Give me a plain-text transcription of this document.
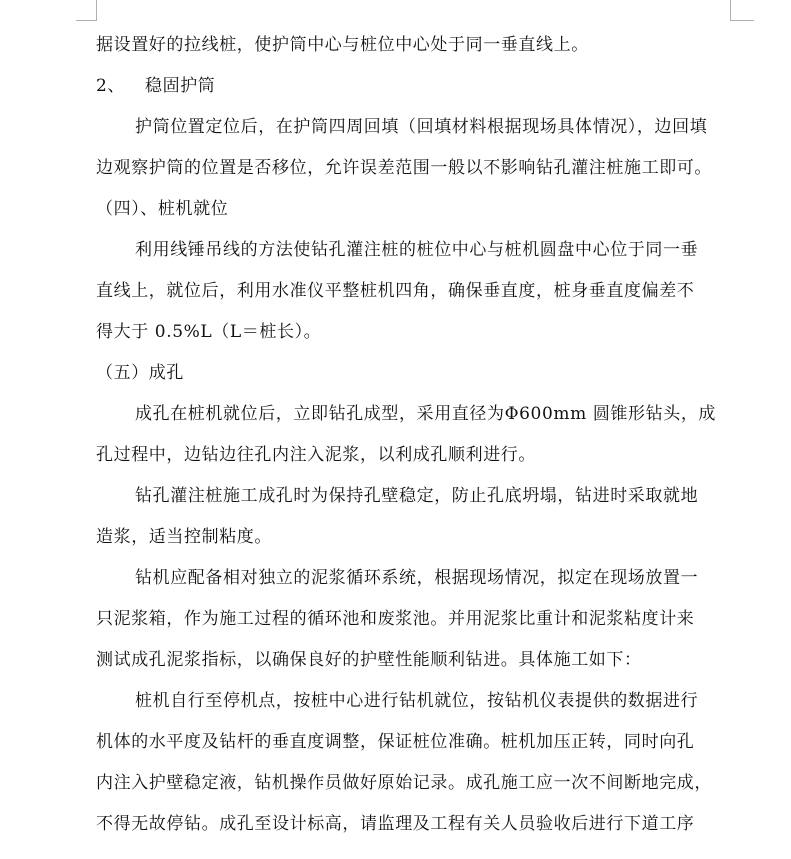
据设置好的拉线桩，使护筒中心与桩位中心处于同一垂直线上。
2、 稳固护筒
护筒位置定位后，在护筒四周回填（回填材料根据现场具体情况），边回填
边观察护筒的位置是否移位，允许误差范围一般以不影响钻孔灌注桩施工即可。
（四）、桩机就位
利用线锤吊线的方法使钻孔灌注桩的桩位中心与桩机圆盘中心位于同一垂
直线上，就位后，利用水准仪平整桩机四角，确保垂直度，桩身垂直度偏差不
得大于 0.5%L（L＝桩长）。
（五）成孔
成孔在桩机就位后，立即钻孔成型，采用直径为Φ600mm 圆锥形钻头，成
孔过程中，边钻边往孔内注入泥浆，以利成孔顺利进行。
钻孔灌注桩施工成孔时为保持孔壁稳定，防止孔底坍塌，钻进时采取就地
造浆，适当控制粘度。
钻机应配备相对独立的泥浆循环系统，根据现场情况，拟定在现场放置一
只泥浆箱，作为施工过程的循环池和废浆池。并用泥浆比重计和泥浆粘度计来
测试成孔泥浆指标，以确保良好的护壁性能顺利钻进。具体施工如下：
桩机自行至停机点，按桩中心进行钻机就位，按钻机仪表提供的数据进行
机体的水平度及钻杆的垂直度调整，保证桩位准确。桩机加压正转，同时向孔
内注入护壁稳定液，钻机操作员做好原始记录。成孔施工应一次不间断地完成，
不得无故停钻。成孔至设计标高，请监理及工程有关人员验收后进行下道工序
